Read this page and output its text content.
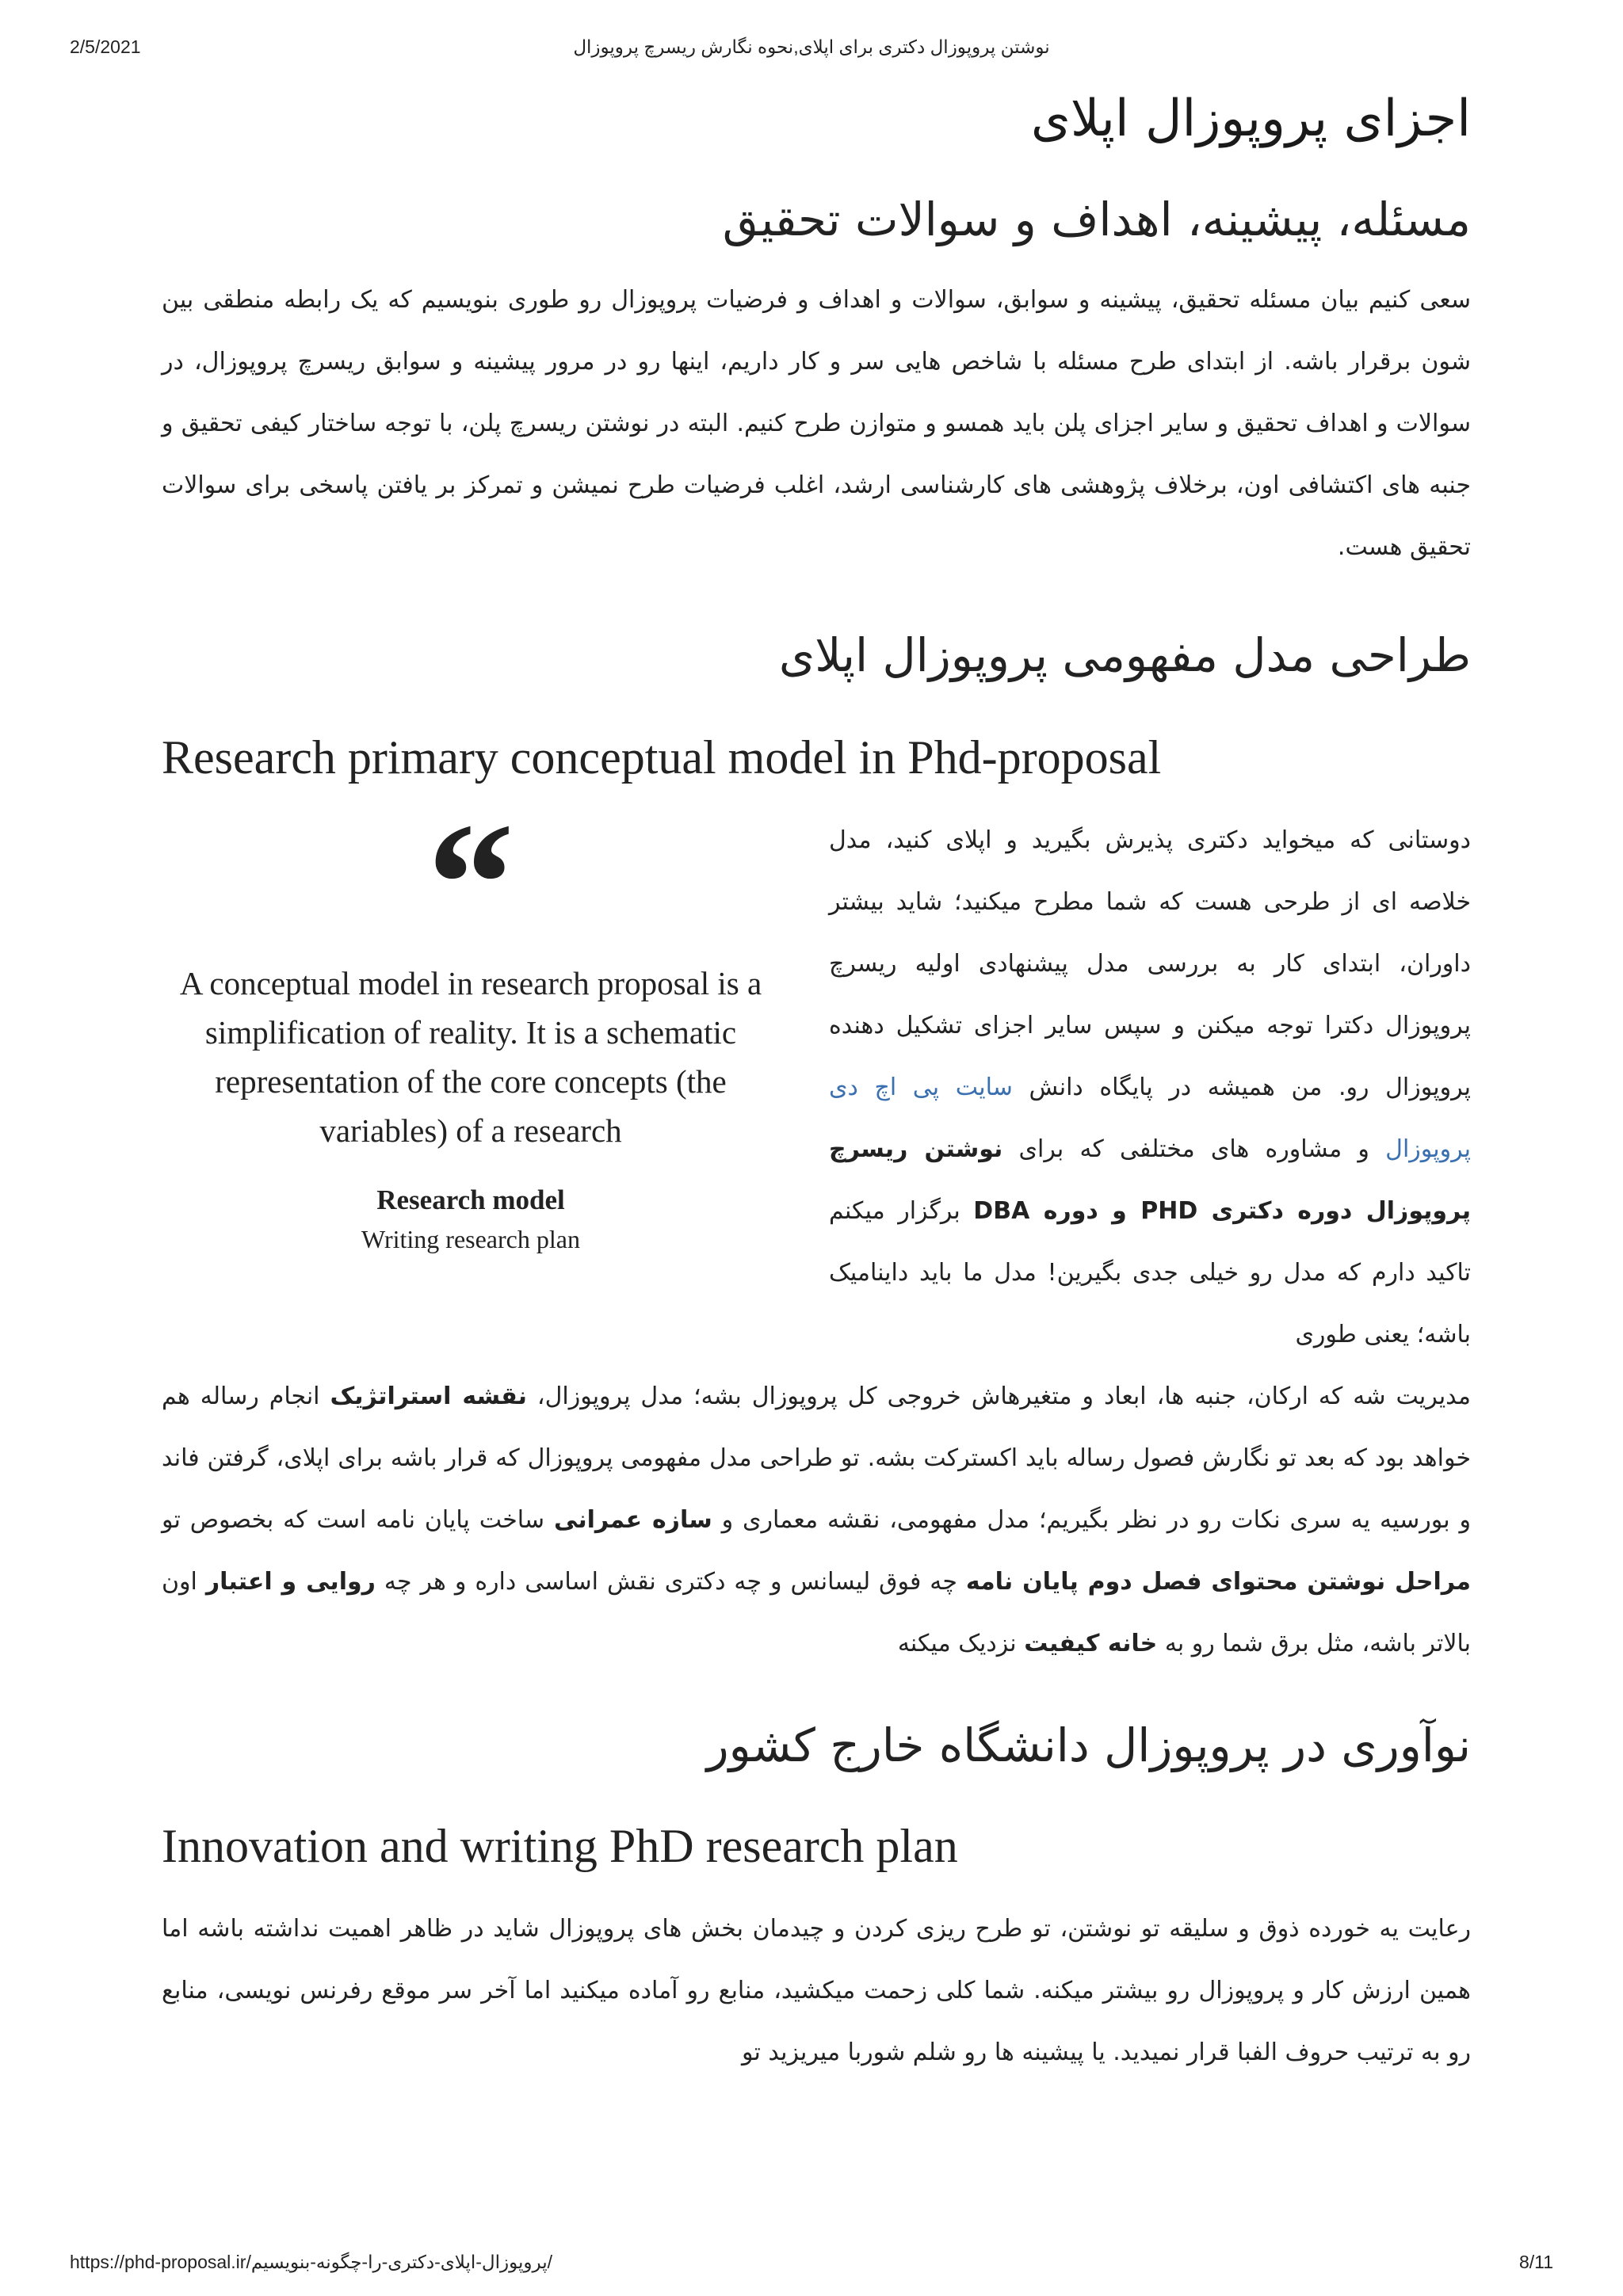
2/5/2021	نوشتن پروپوزال دکتری برای اپلای,نحوه نگارش ریسرچ پروپوزال
اجزای پروپوزال اپلای
مسئله، پیشینه، اهداف و سوالات تحقیق

سعی کنیم بیان مسئله تحقیق، پیشینه و سوابق، سوالات و اهداف و فرضیات پروپوزال رو طوری بنویسیم که یک رابطه منطقی بین شون برقرار باشه. از ابتدای طرح مسئله با شاخص هایی سر و کار داریم، اینها رو در مرور پیشینه و سوابق ریسرچ پروپوزال، در سوالات و اهداف تحقیق و سایر اجزای پلن باید همسو و متوازن طرح کنیم. البته در نوشتن ریسرچ پلن، با توجه ساختار کیفی تحقیق و جنبه های اکتشافی اون، برخلاف پژوهشی های کارشناسی ارشد، اغلب فرضیات طرح نمیشن و تمرکز بر یافتن پاسخی برای سوالات تحقیق هست.

طراحی مدل مفهومی پروپوزال اپلای
Research primary conceptual model in Phd-proposal

دوستانی که میخواید دکتری پذیرش بگیرید و اپلای کنید، مدل خلاصه ای از طرحی هست که شما مطرح میکنید؛ شاید بیشتر داوران، ابتدای کار به بررسی مدل پیشنهادی اولیه ریسرچ پروپوزال دکترا توجه میکنن و سپس سایر اجزای تشکیل دهنده پروپوزال رو. من همیشه در پایگاه دانش سایت پی اچ دی پروپوزال و مشاوره های مختلفی که برای نوشتن ریسرچ پروپوزال دوره دکتری PHD و دوره DBA برگزار میکنم تاکید دارم که مدل رو خیلی جدی بگیرین! مدل ما باید داینامیک باشه؛ یعنی طوری

“
A conceptual model in research proposal is a simplification of reality. It is a schematic representation of the core concepts (the variables) of a research
Research model
Writing research plan

مدیریت شه که ارکان، جنبه ها، ابعاد و متغیرهاش خروجی کل پروپوزال بشه؛ مدل پروپوزال، نقشه استراتژیک انجام رساله هم خواهد بود که بعد تو نگارش فصول رساله باید اکسترکت بشه. تو طراحی مدل مفهومی پروپوزال که قرار باشه برای اپلای، گرفتن فاند و بورسیه یه سری نکات رو در نظر بگیریم؛ مدل مفهومی، نقشه معماری و سازه عمرانی ساخت پایان نامه است که بخصوص تو مراحل نوشتن محتوای فصل دوم پایان نامه چه فوق لیسانس و چه دکتری نقش اساسی داره و هر چه روایی و اعتبار اون بالاتر باشه، مثل برق شما رو به خانه کیفیت نزدیک میکنه

نوآوری در پروپوزال دانشگاه خارج کشور
Innovation and writing PhD research plan

رعایت یه خورده ذوق و سلیقه تو نوشتن، تو طرح ریزی کردن و چیدمان بخش های پروپوزال شاید در ظاهر اهمیت نداشته باشه اما همین ارزش کار و پروپوزال رو بیشتر میکنه. شما کلی زحمت میکشید، منابع رو آماده میکنید اما آخر سر موقع رفرنس نویسی، منابع رو به ترتیب حروف الفبا قرار نمیدید. یا پیشینه ها رو شلم شوربا میریزید تو

https://phd-proposal.ir/پروپوزال-اپلای-دکتری-را-چگونه-بنویسیم/	8/11
